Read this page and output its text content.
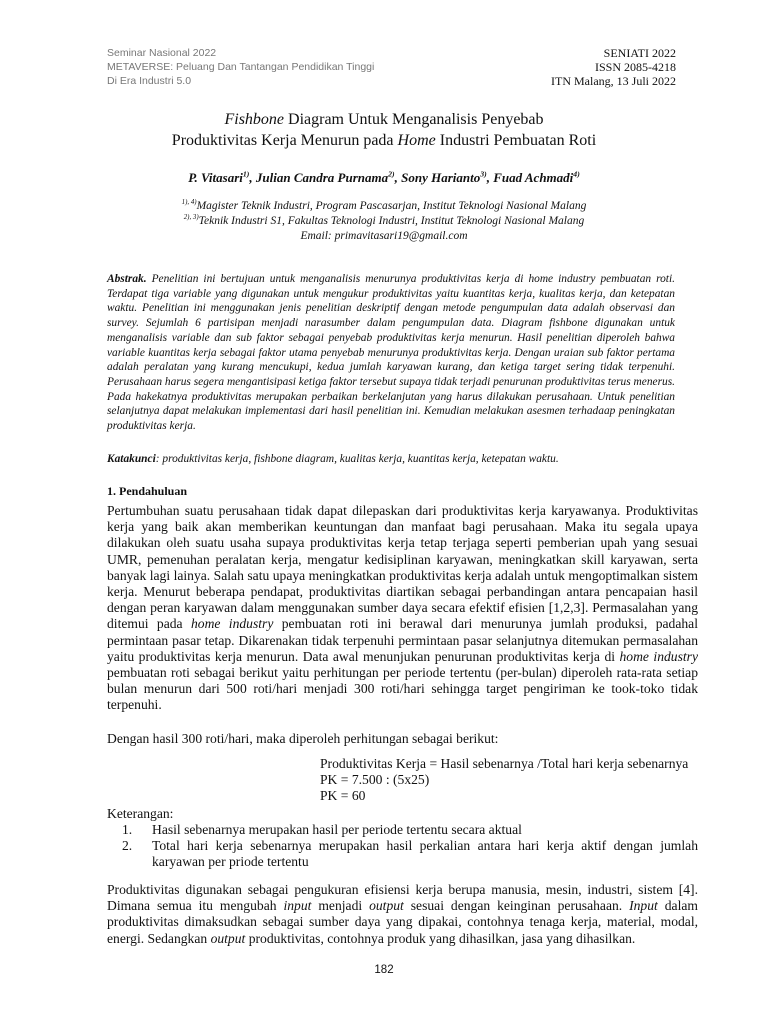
Seminar Nasional 2022
METAVERSE: Peluang Dan Tantangan Pendidikan Tinggi
Di Era Industri 5.0
SENIATI 2022
ISSN 2085-4218
ITN Malang, 13 Juli 2022
Fishbone Diagram Untuk Menganalisis Penyebab
Produktivitas Kerja Menurun pada Home Industri Pembuatan Roti
P. Vitasari$^{1)}$, Julian Candra Purnama$^{2)}$, Sony Harianto$^{3)}$, Fuad Achmadi$^{4)}$
$^{1), 4)}$Magister Teknik Industri, Program Pascasarjan, Institut Teknologi Nasional Malang
$^{2), 3)}$Teknik Industri S1, Fakultas Teknologi Industri, Institut Teknologi Nasional Malang
Email: primavitasari19@gmail.com
Abstrak. Penelitian ini bertujuan untuk menganalisis menurunya produktivitas kerja di home industry pembuatan roti. Terdapat tiga variable yang digunakan untuk mengukur produktivitas yaitu kuantitas kerja, kualitas kerja, dan ketepatan waktu. Penelitian ini menggunakan jenis penelitian deskriptif dengan metode pengumpulan data adalah observasi dan survey. Sejumlah 6 partisipan menjadi narasumber dalam pengumpulan data. Diagram fishbone digunakan untuk menganalisis variable dan sub faktor sebagai penyebab produktivitas kerja menurun. Hasil penelitian diperoleh bahwa variable kuantitas kerja sebagai faktor utama penyebab menurunya produktivitas kerja. Dengan uraian sub faktor pertama adalah peralatan yang kurang mencukupi, kedua jumlah karyawan kurang, dan ketiga target sering tidak terpenuhi. Perusahaan harus segera mengantisipasi ketiga faktor tersebut supaya tidak terjadi penurunan produktivitas terus menerus. Pada hakekatnya produktivitas merupakan perbaikan berkelanjutan yang harus dilakukan perusahaan. Untuk penelitian selanjutnya dapat melakukan implementasi dari hasil penelitian ini. Kemudian melakukan asesmen terhadaap peningkatan produktivitas kerja.
Katakunci: produktivitas kerja, fishbone diagram, kualitas kerja, kuantitas kerja, ketepatan waktu.
1. Pendahuluan
Pertumbuhan suatu perusahaan tidak dapat dilepaskan dari produktivitas kerja karyawanya. Produktivitas kerja yang baik akan memberikan keuntungan dan manfaat bagi perusahaan. Maka itu segala upaya dilakukan oleh suatu usaha supaya produktivitas kerja tetap terjaga seperti pemberian upah yang sesuai UMR, pemenuhan peralatan kerja, mengatur kedisiplinan karyawan, meningkatkan skill karyawan, serta banyak lagi lainya. Salah satu upaya meningkatkan produktivitas kerja adalah untuk mengoptimalkan sistem kerja. Menurut beberapa pendapat, produktivitas diartikan sebagai perbandingan antara pencapaian hasil dengan peran karyawan dalam menggunakan sumber daya secara efektif efisien [1,2,3]. Permasalahan yang ditemui pada home industry pembuatan roti ini berawal dari menurunya jumlah produksi, padahal permintaan pasar tetap. Dikarenakan tidak terpenuhi permintaan pasar selanjutnya ditemukan permasalahan yaitu produktivitas kerja menurun. Data awal menunjukan penurunan produktivitas kerja di home industry pembuatan roti sebagai berikut yaitu perhitungan per periode tertentu (per-bulan) diperoleh rata-rata setiap bulan menurun dari 500 roti/hari menjadi 300 roti/hari sehingga target pengiriman ke took-toko tidak terpenuhi.
Dengan hasil 300 roti/hari, maka diperoleh perhitungan sebagai berikut:
Produktivitas Kerja = Hasil sebenarnya /Total hari kerja sebenarnya
PK = 7.500 : (5x25)
PK = 60
Keterangan:
1.	Hasil sebenarnya merupakan hasil per periode tertentu secara aktual
2.	Total hari kerja sebenarnya merupakan hasil perkalian antara hari kerja aktif dengan jumlah karyawan per priode tertentu
Produktivitas digunakan sebagai pengukuran efisiensi kerja berupa manusia, mesin, industri, sistem [4]. Dimana semua itu mengubah input menjadi output sesuai dengan keinginan perusahaan. Input dalam produktivitas dimaksudkan sebagai sumber daya yang dipakai, contohnya tenaga kerja, material, modal, energi. Sedangkan output produktivitas, contohnya produk yang dihasilkan, jasa yang dihasilkan.
182
